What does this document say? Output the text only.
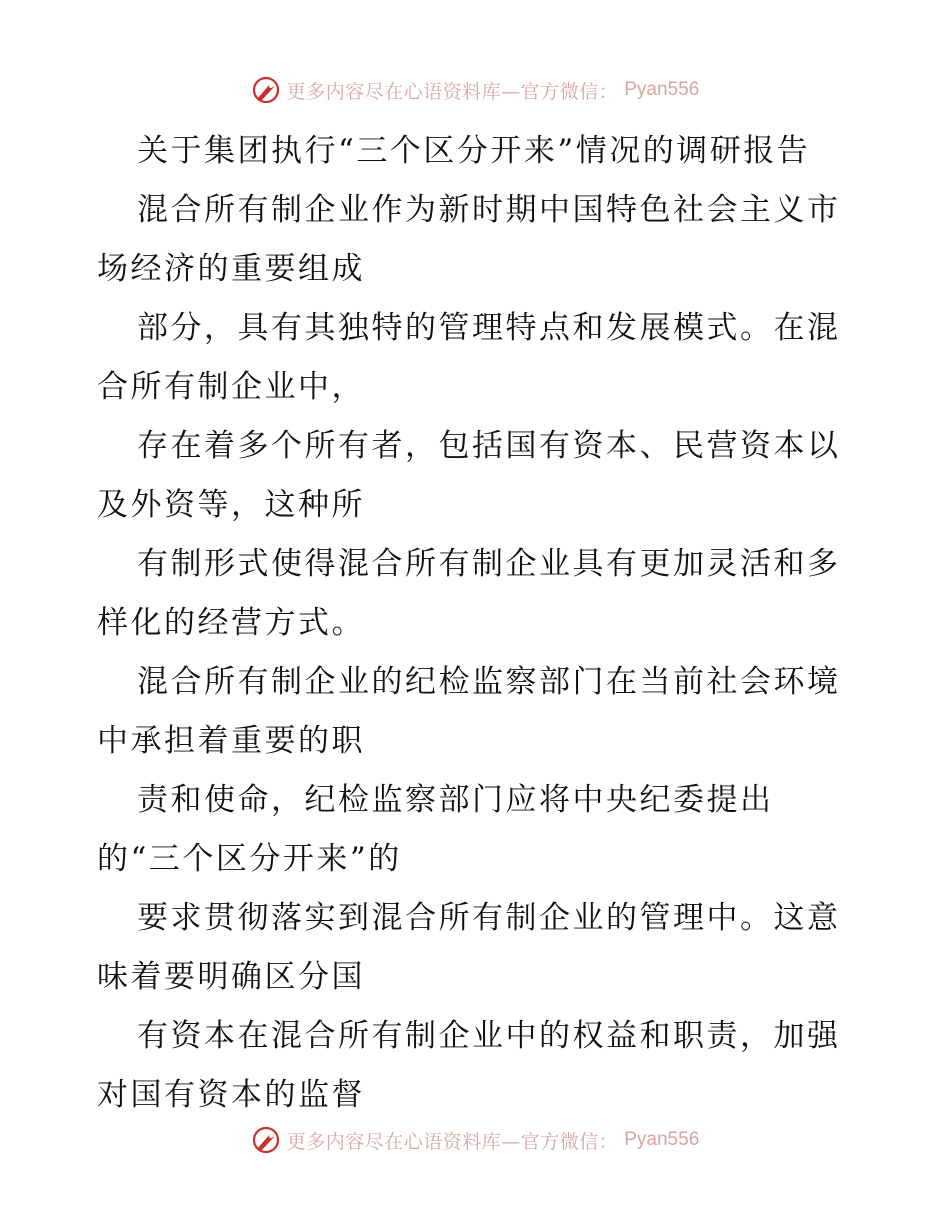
更多内容尽在心语资料库—官方微信： Pyan556
关于集团执行“三个区分开来”情况的调研报告
混合所有制企业作为新时期中国特色社会主义市
场经济的重要组成
部分，具有其独特的管理特点和发展模式。在混
合所有制企业中，
存在着多个所有者，包括国有资本、民营资本以
及外资等，这种所
有制形式使得混合所有制企业具有更加灵活和多
样化的经营方式。
混合所有制企业的纪检监察部门在当前社会环境
中承担着重要的职
责和使命，纪检监察部门应将中央纪委提出
的“三个区分开来”的
要求贯彻落实到混合所有制企业的管理中。这意
味着要明确区分国
有资本在混合所有制企业中的权益和职责，加强
对国有资本的监督
更多内容尽在心语资料库—官方微信： Pyan556
